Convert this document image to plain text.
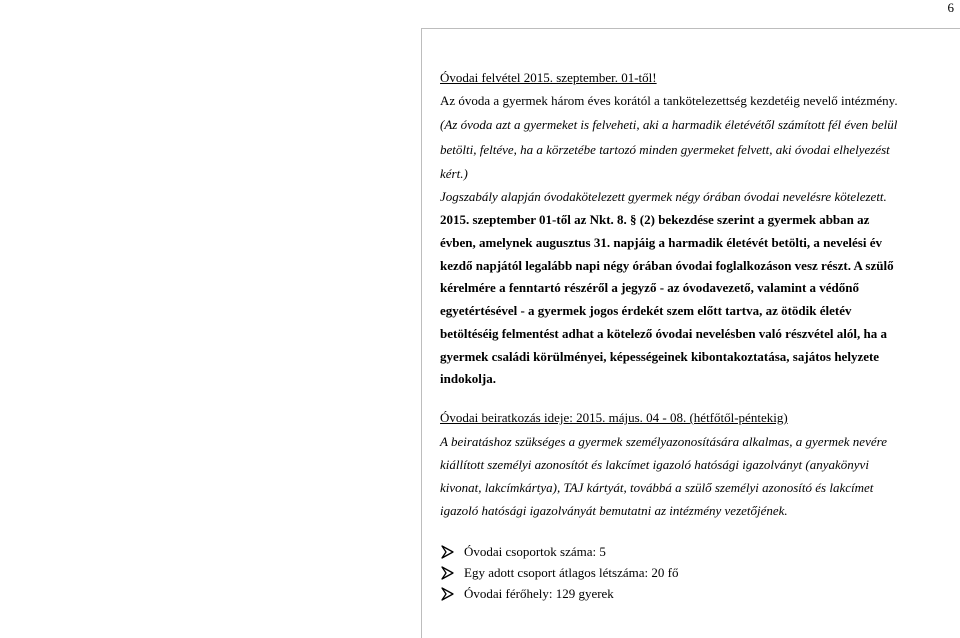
6
Óvodai felvétel 2015. szeptember. 01-től!
Az óvoda a gyermek három éves korától a tankötelezettség kezdetéig nevelő intézmény.
(Az óvoda azt a gyermeket is felveheti, aki a harmadik életévétől számított fél éven belül
betölti, feltéve, ha a körzetébe tartozó minden gyermeket felvett, aki óvodai elhelyezést
kért.)
Jogszabály alapján óvodakötelezett gyermek négy órában óvodai nevelésre kötelezett.
2015. szeptember 01-től az Nkt. 8. § (2) bekezdése szerint a gyermek abban az
évben, amelynek augusztus 31. napjáig a harmadik életévét betölti, a nevelési év
kezdő napjától legalább napi négy órában óvodai foglalkozáson vesz részt. A szülő
kérelmére a fenntartó részéről a jegyző - az óvodavezető, valamint a védőnő
egyetértésével - a gyermek jogos érdekét szem előtt tartva, az ötödik életév
betöltéséig felmentést adhat a kötelező óvodai nevelésben való részvétel alól, ha a
gyermek családi körülményei, képességeinek kibontakoztatása, sajátos helyzete
indokolja.
Óvodai beiratkozás ideje: 2015. május. 04 - 08. (hétfőtől-péntekig)
A beiratáshoz szükséges a gyermek személyazonosítására alkalmas, a gyermek nevére
kiállított személyi azonosítót és lakcímet igazoló hatósági igazolványt (anyakönyvi
kivonat, lakcímkártya), TAJ kártyát, továbbá a szülő személyi azonosító és lakcímet
igazoló hatósági igazolványát bemutatni az intézmény vezetőjének.
Óvodai csoportok száma: 5
Egy adott csoport átlagos létszáma: 20 fő
Óvodai férőhely: 129 gyerek
